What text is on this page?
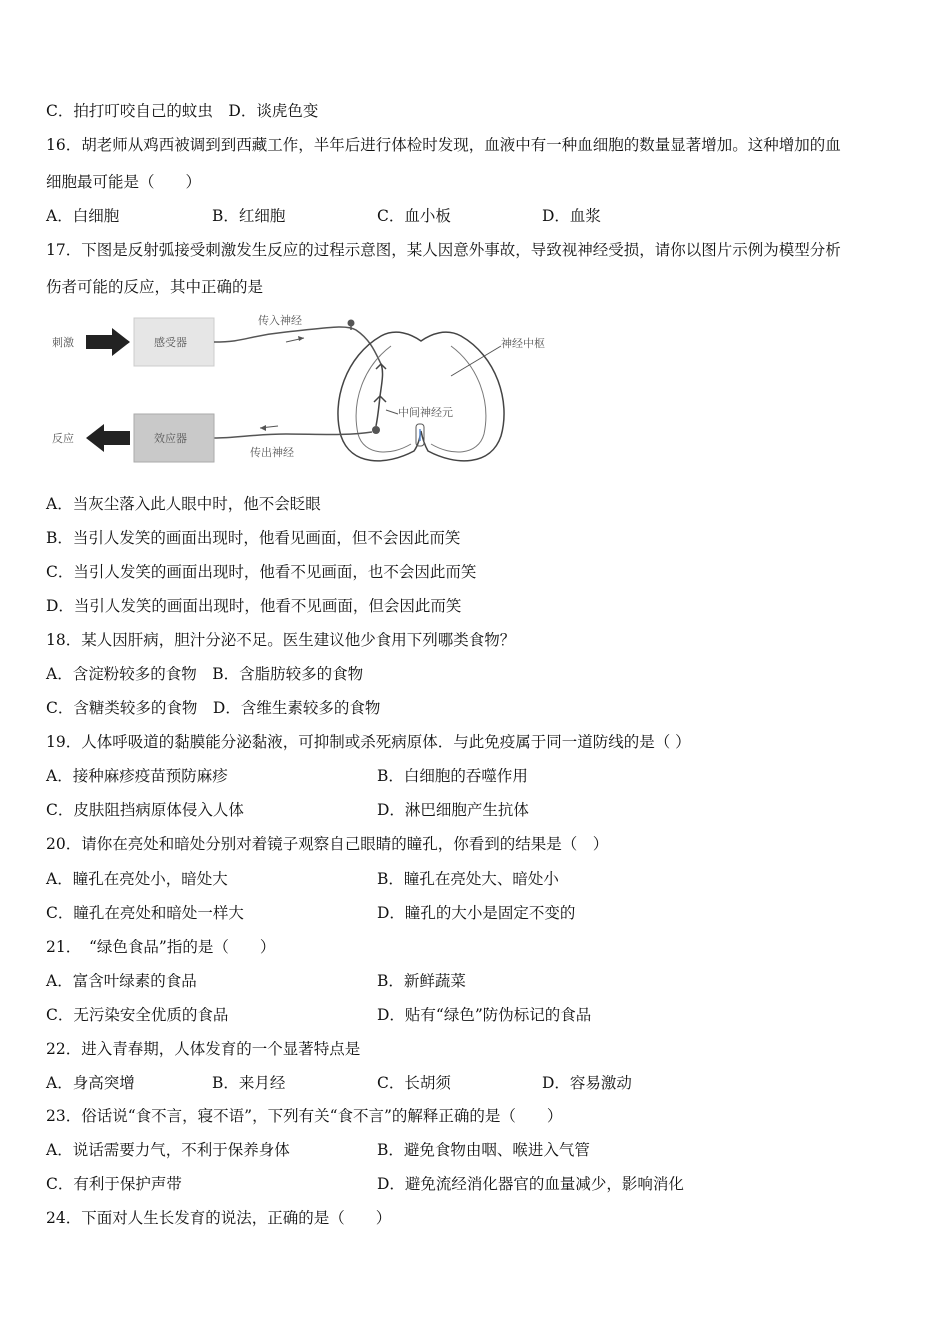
C．拍打叮咬自己的蚊虫　 D．谈虎色变
16．胡老师从鸡西被调到到西藏工作，半年后进行体检时发现，血液中有一种血细胞的数量显著增加。这种增加的血
细胞最可能是（　　）
A．白细胞	B．红细胞	C．血小板	D．血浆
17．下图是反射弧接受刺激发生反应的过程示意图，某人因意外事故，导致视神经受损，请你以图片示例为模型分析
伤者可能的反应，其中正确的是
刺激	感受器
传入神经
中间神经元
神经中枢
传出神经
效应器
反应
A．当灰尘落入此人眼中时，他不会眨眼
B．当引人发笑的画面出现时，他看见画面，但不会因此而笑
C．当引人发笑的画面出现时，他看不见画面，也不会因此而笑
D．当引人发笑的画面出现时，他看不见画面，但会因此而笑
18．某人因肝病，胆汁分泌不足。医生建议他少食用下列哪类食物？
A．含淀粉较多的食物　 B．含脂肪较多的食物
C．含糖类较多的食物　 D．含维生素较多的食物
19．人体呼吸道的黏膜能分泌黏液，可抑制或杀死病原体．与此免疫属于同一道防线的是（ ）
A．接种麻疹疫苗预防麻疹	B．白细胞的吞噬作用
C．皮肤阻挡病原体侵入人体	D．淋巴细胞产生抗体
20．请你在亮处和暗处分别对着镜子观察自己眼睛的瞳孔，你看到的结果是（　）
A．瞳孔在亮处小，暗处大	B．瞳孔在亮处大、暗处小
C．瞳孔在亮处和暗处一样大	D．瞳孔的大小是固定不变的
21．　“绿色食品”指的是（　　）
A．富含叶绿素的食品	B．新鲜蔬菜
C．无污染安全优质的食品	D．贴有“绿色”防伪标记的食品
22．进入青春期，人体发育的一个显著特点是
A．身高突增	B．来月经	C．长胡须	D．容易激动
23．俗话说“食不言，寝不语”，下列有关“食不言”的解释正确的是（　　）
A．说话需要力气，不利于保养身体	B．避免食物由咽、喉进入气管
C．有利于保护声带	D．避免流经消化器官的血量减少，影响消化
24．下面对人生长发育的说法，正确的是（　　）
